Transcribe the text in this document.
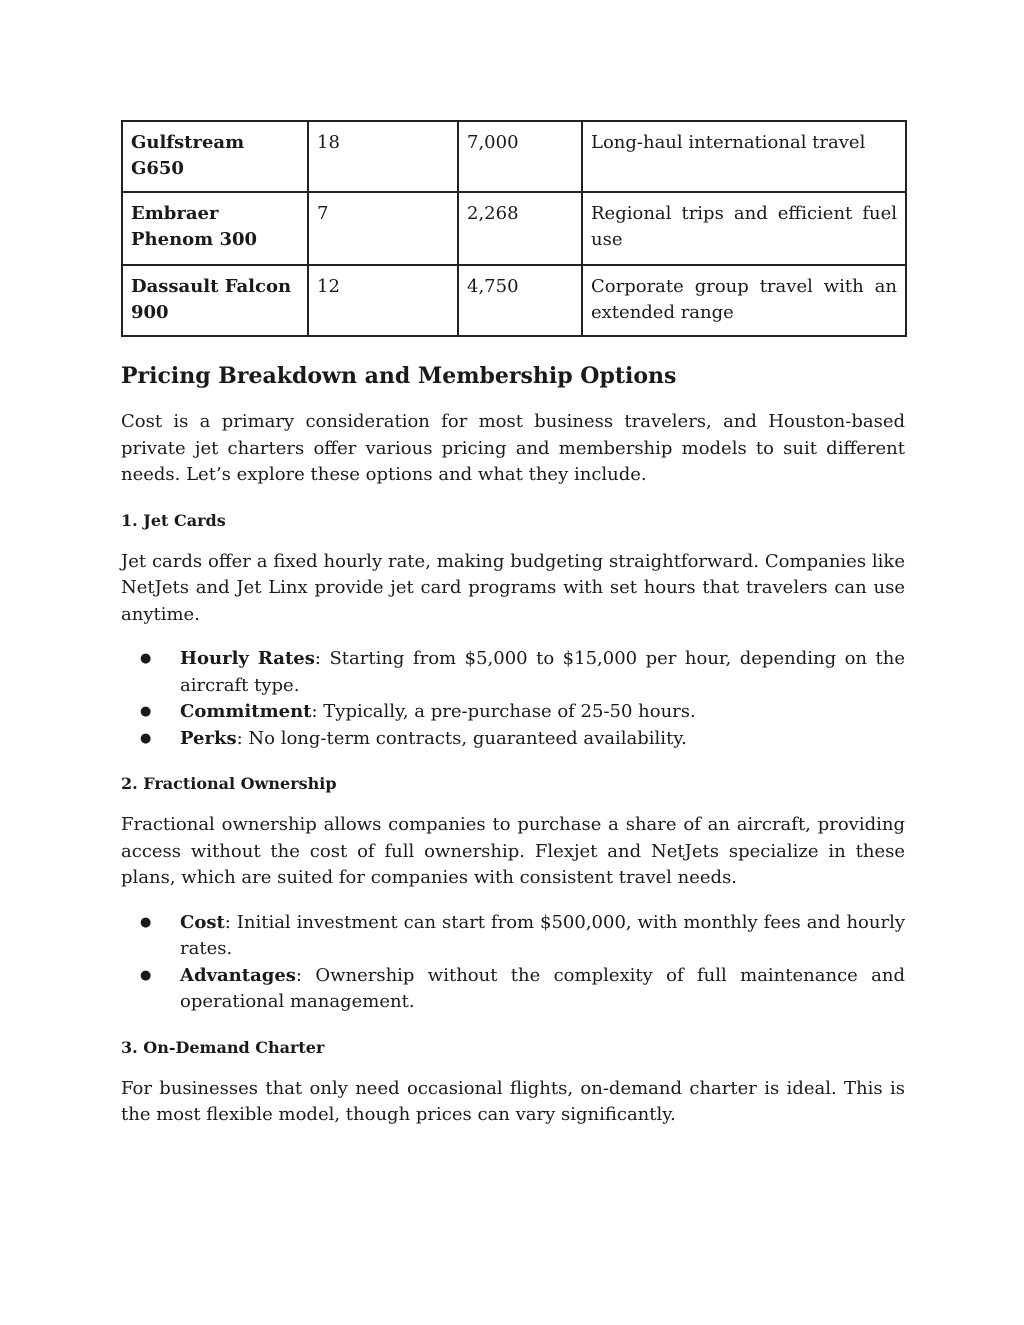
Gulfstream G650	18	7,000	Long-haul international travel
Embraer Phenom 300	7	2,268	Regional trips and efficient fuel use
Dassault Falcon 900	12	4,750	Corporate group travel with an extended range
Pricing Breakdown and Membership Options

Cost is a primary consideration for most business travelers, and Houston-based private jet charters offer various pricing and membership models to suit different needs. Let’s explore these options and what they include.

1. Jet Cards

Jet cards offer a fixed hourly rate, making budgeting straightforward. Companies like NetJets and Jet Linx provide jet card programs with set hours that travelers can use anytime.

● Hourly Rates: Starting from $5,000 to $15,000 per hour, depending on the aircraft type.
● Commitment: Typically, a pre-purchase of 25-50 hours.
● Perks: No long-term contracts, guaranteed availability.
2. Fractional Ownership

Fractional ownership allows companies to purchase a share of an aircraft, providing access without the cost of full ownership. Flexjet and NetJets specialize in these plans, which are suited for companies with consistent travel needs.

● Cost: Initial investment can start from $500,000, with monthly fees and hourly rates.
● Advantages: Ownership without the complexity of full maintenance and operational management.
3. On-Demand Charter

For businesses that only need occasional flights, on-demand charter is ideal. This is the most flexible model, though prices can vary significantly.
